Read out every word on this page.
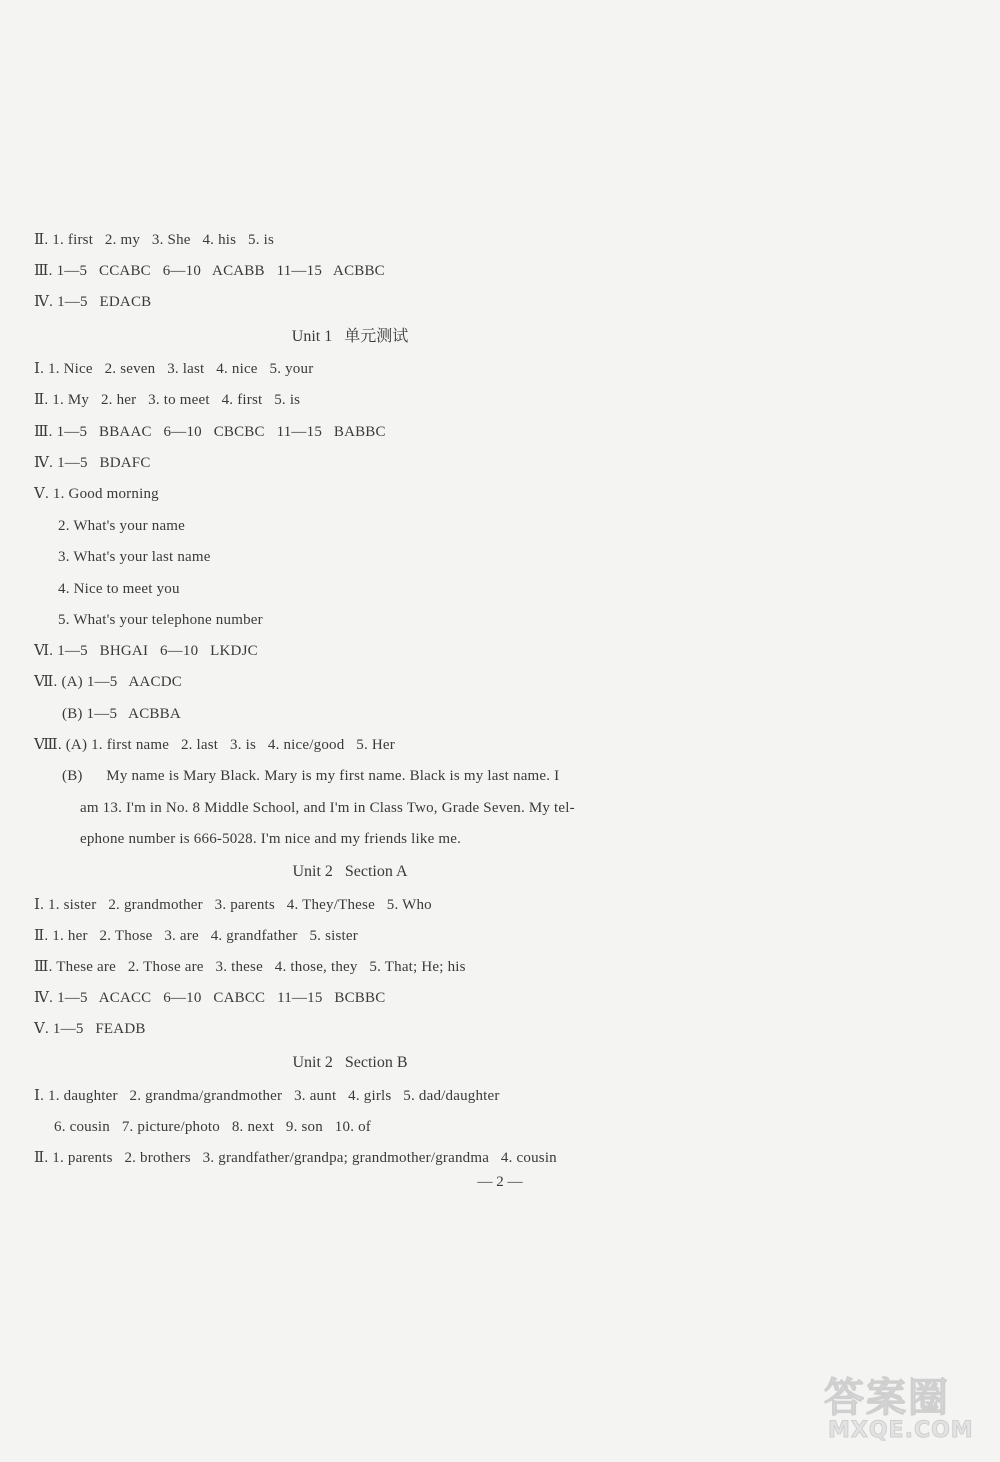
Ⅱ. 1. first   2. my   3. She   4. his   5. is
Ⅲ. 1—5   CCABC   6—10   ACABB   11—15   ACBBC
Ⅳ. 1—5   EDACB
Unit 1   单元测试
Ⅰ. 1. Nice   2. seven   3. last   4. nice   5. your
Ⅱ. 1. My   2. her   3. to meet   4. first   5. is
Ⅲ. 1—5   BBAAC   6—10   CBCBC   11—15   BABBC
Ⅳ. 1—5   BDAFC
Ⅴ. 1. Good morning
2. What's your name
3. What's your last name
4. Nice to meet you
5. What's your telephone number
Ⅵ. 1—5   BHGAI   6—10   LKDJC
Ⅶ. (A) 1—5   AACDC
(B) 1—5   ACBBA
Ⅷ. (A) 1. first name   2. last   3. is   4. nice/good   5. Her
(B)      My name is Mary Black. Mary is my first name. Black is my last name. I
am 13. I'm in No. 8 Middle School, and I'm in Class Two, Grade Seven. My tel-
ephone number is 666-5028. I'm nice and my friends like me.
Unit 2   Section A
Ⅰ. 1. sister   2. grandmother   3. parents   4. They/These   5. Who
Ⅱ. 1. her   2. Those   3. are   4. grandfather   5. sister
Ⅲ. These are   2. Those are   3. these   4. those, they   5. That; He; his
Ⅳ. 1—5   ACACC   6—10   CABCC   11—15   BCBBC
Ⅴ. 1—5   FEADB
Unit 2   Section B
Ⅰ. 1. daughter   2. grandma/grandmother   3. aunt   4. girls   5. dad/daughter
6. cousin   7. picture/photo   8. next   9. son   10. of
Ⅱ. 1. parents   2. brothers   3. grandfather/grandpa; grandmother/grandma   4. cousin
— 2 —
答案圈
MXQE.COM
